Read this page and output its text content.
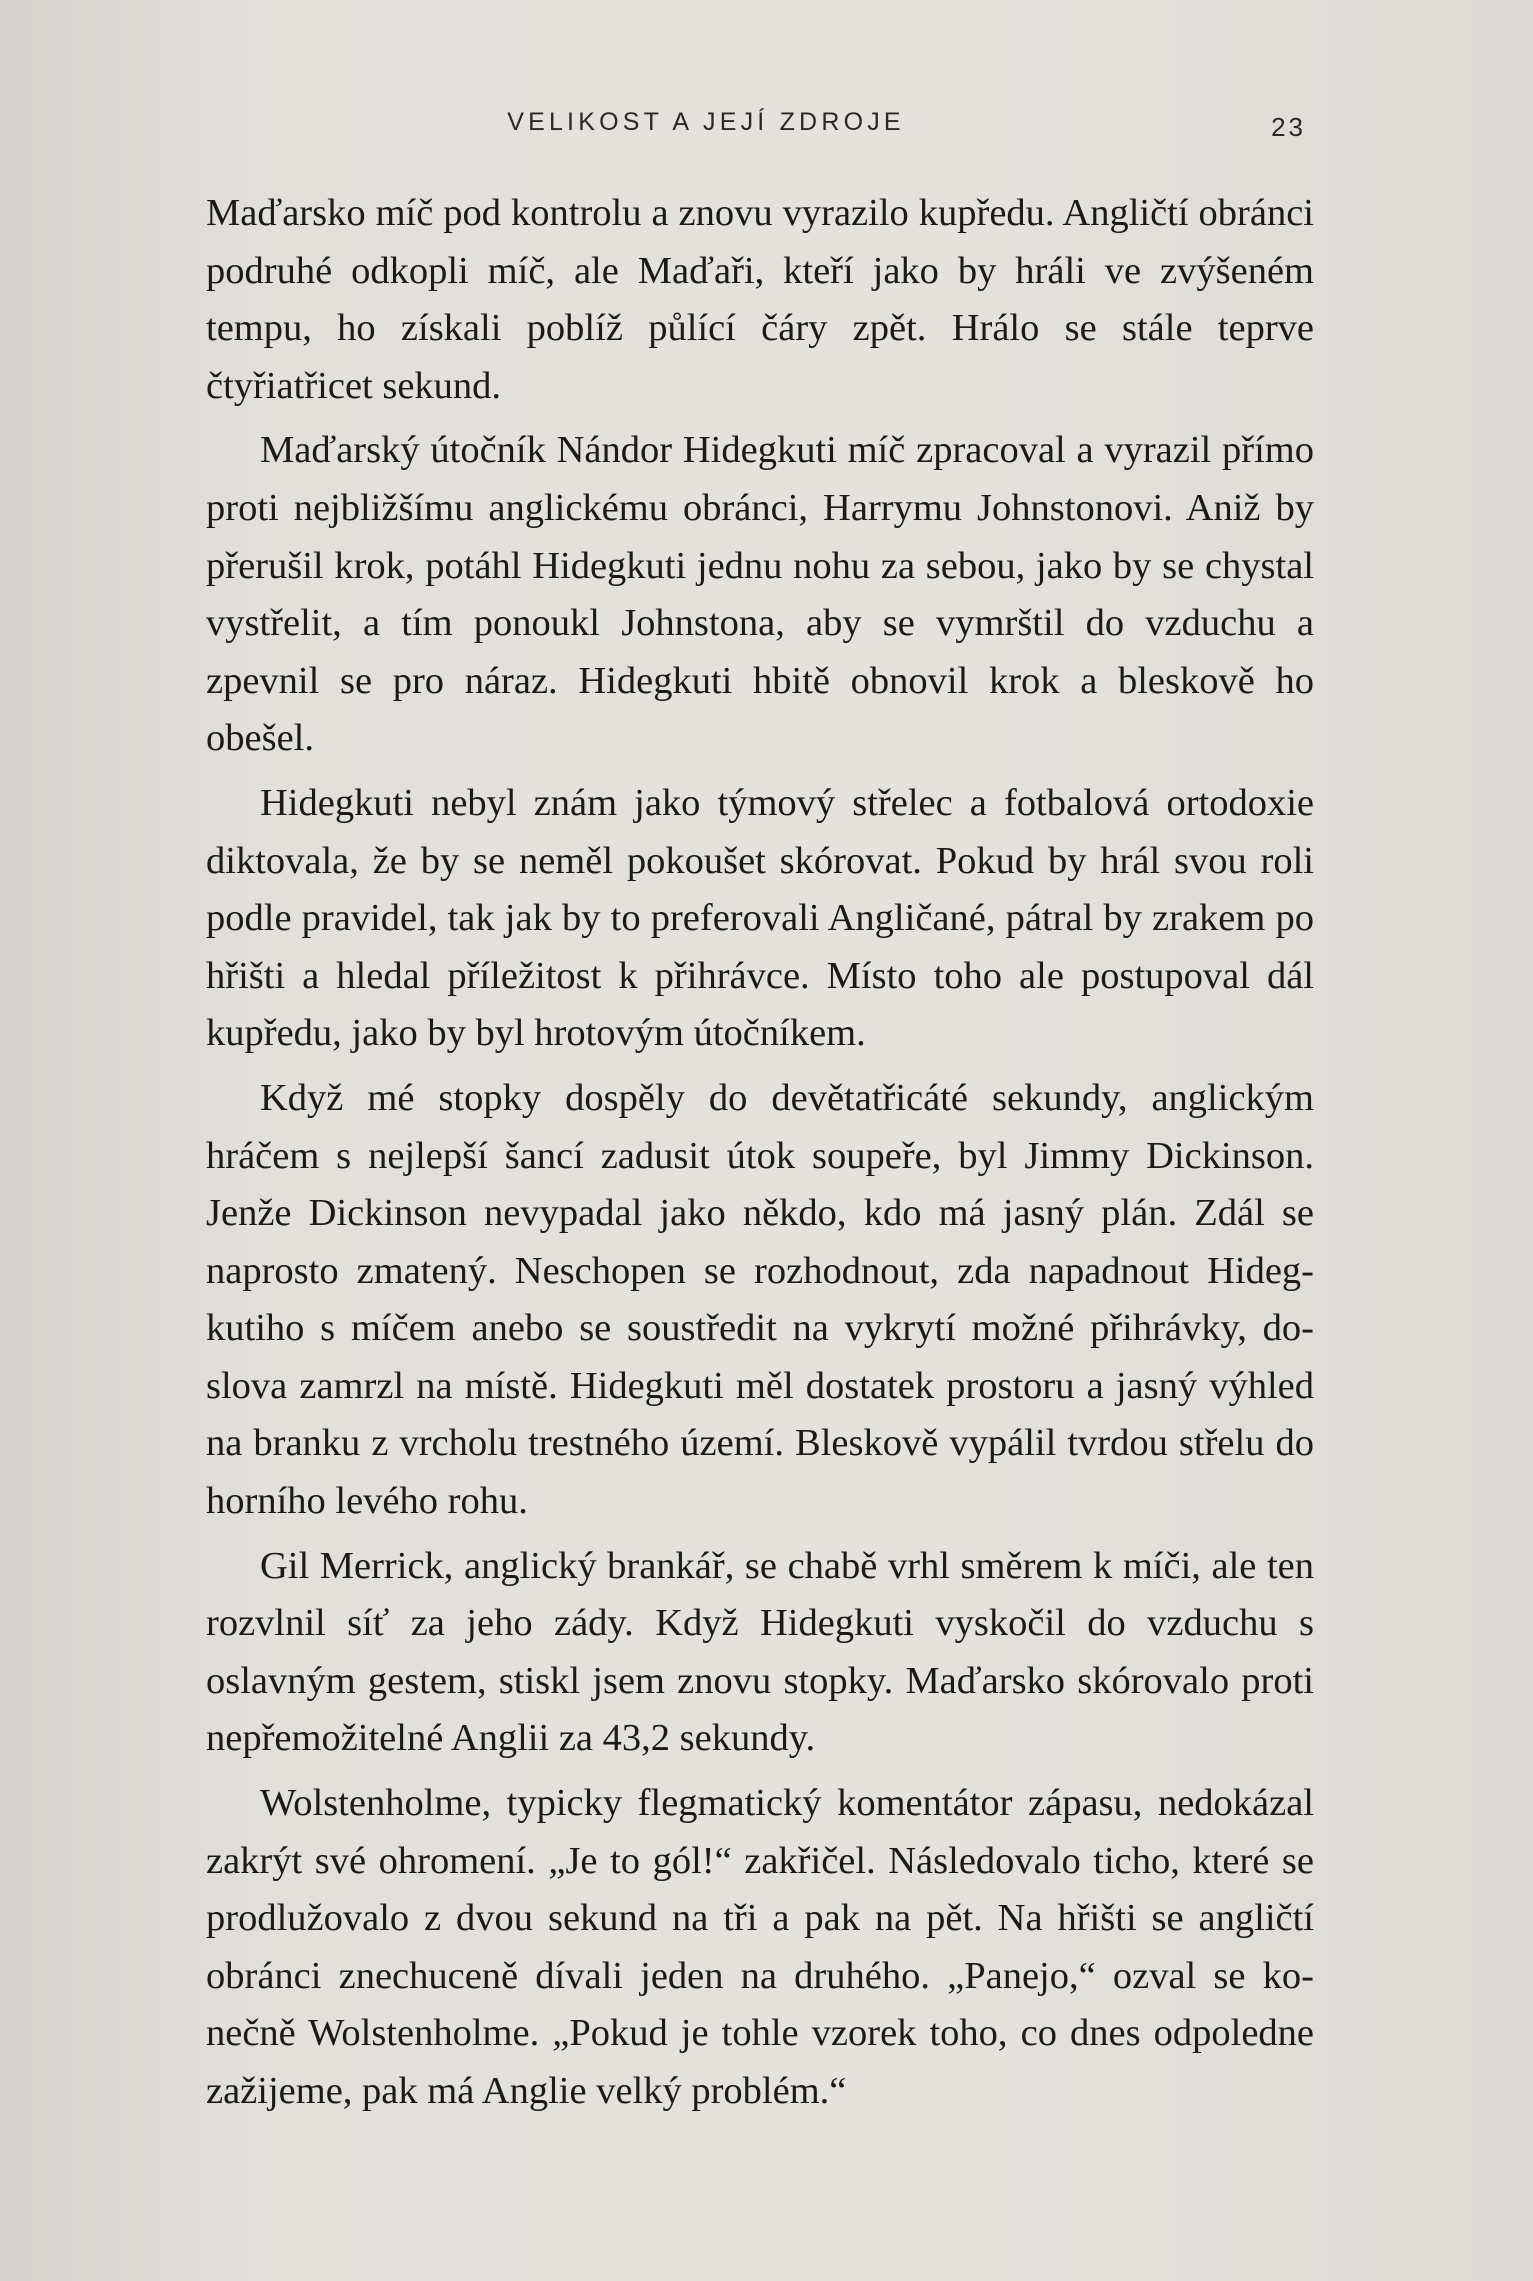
VELIKOST A JEJÍ ZDROJE	23

Maďarsko míč pod kontrolu a znovu vyrazilo kupředu. Angličtí obránci podruhé odkopli míč, ale Maďaři, kteří jako by hráli ve zvýšeném tempu, ho získali poblíž půlící čáry zpět. Hrálo se stále teprve čtyřiatřicet sekund.

Maďarský útočník Nándor Hidegkuti míč zpracoval a vyrazil přímo proti nejbližšímu anglickému obránci, Harrymu Johnstonovi. Aniž by přerušil krok, potáhl Hidegkuti jednu nohu za sebou, jako by se chystal vystřelit, a tím ponoukl Johnstona, aby se vymrštil do vzduchu a zpevnil se pro náraz. Hidegkuti hbitě obnovil krok a bleskově ho obešel.

Hidegkuti nebyl znám jako týmový střelec a fotbalová ortodoxie diktovala, že by se neměl pokoušet skórovat. Pokud by hrál svou roli podle pravidel, tak jak by to preferovali Angličané, pátral by zrakem po hřišti a hledal příležitost k přihrávce. Místo toho ale postupoval dál kupředu, jako by byl hrotovým útočníkem.

Když mé stopky dospěly do devětatřicáté sekundy, anglickým hráčem s nejlepší šancí zadusit útok soupeře, byl Jimmy Dickinson. Jenže Dickinson nevypadal jako někdo, kdo má jasný plán. Zdál se naprosto zmatený. Neschopen se rozhodnout, zda napadnout Hidegkutiho s míčem anebo se soustředit na vykrytí možné přihrávky, doslova zamrzl na místě. Hidegkuti měl dostatek prostoru a jasný výhled na branku z vrcholu trestného území. Bleskově vypálil tvrdou střelu do horního levého rohu.

Gil Merrick, anglický brankář, se chabě vrhl směrem k míči, ale ten rozvlnil síť za jeho zády. Když Hidegkuti vyskočil do vzduchu s oslavným gestem, stiskl jsem znovu stopky. Maďarsko skórovalo proti nepřemožitelné Anglii za 43,2 sekundy.

Wolstenholme, typicky flegmatický komentátor zápasu, nedokázal zakrýt své ohromení. „Je to gól!“ zakřičel. Následovalo ticho, které se prodlužovalo z dvou sekund na tři a pak na pět. Na hřišti se angličtí obránci znechuceně dívali jeden na druhého. „Panejo,“ ozval se konečně Wolstenholme. „Pokud je tohle vzorek toho, co dnes odpoledne zažijeme, pak má Anglie velký problém.“
